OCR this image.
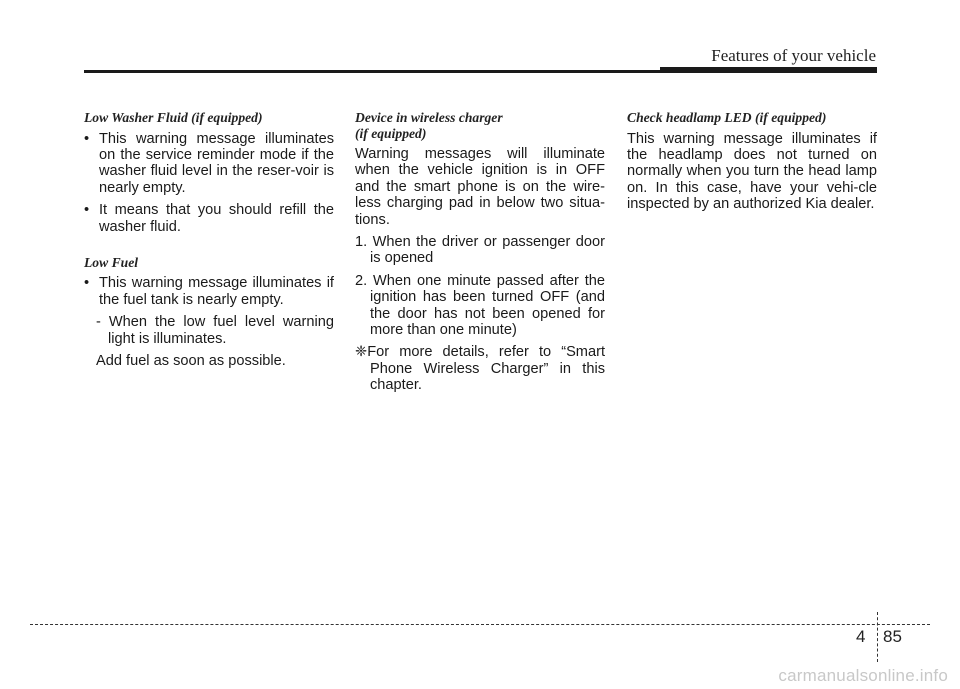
Features of your vehicle
Low Washer Fluid (if equipped)
• This warning message illuminates on the service reminder mode if the washer fluid level in the reser-voir is nearly empty.
• It means that you should refill the washer fluid.
Low Fuel
• This warning message illuminates if the fuel tank is nearly empty.
- When the low fuel level warning light is illuminates.
Add fuel as soon as possible.
Device in wireless charger
(if equipped)

Warning messages will illuminate when the vehicle ignition is in OFF and the smart phone is on the wire-less charging pad in below two situa-tions.

1. When the driver or passenger door is opened
2. When one minute passed after the ignition has been turned OFF (and the door has not been opened for more than one minute)
❈For more details, refer to “Smart Phone Wireless Charger” in this chapter.
Check headlamp LED (if equipped)

This warning message illuminates if the headlamp does not turned on normally when you turn the head lamp on. In this case, have your vehi-cle inspected by an authorized Kia dealer.

4 85
carmanualsonline.info
